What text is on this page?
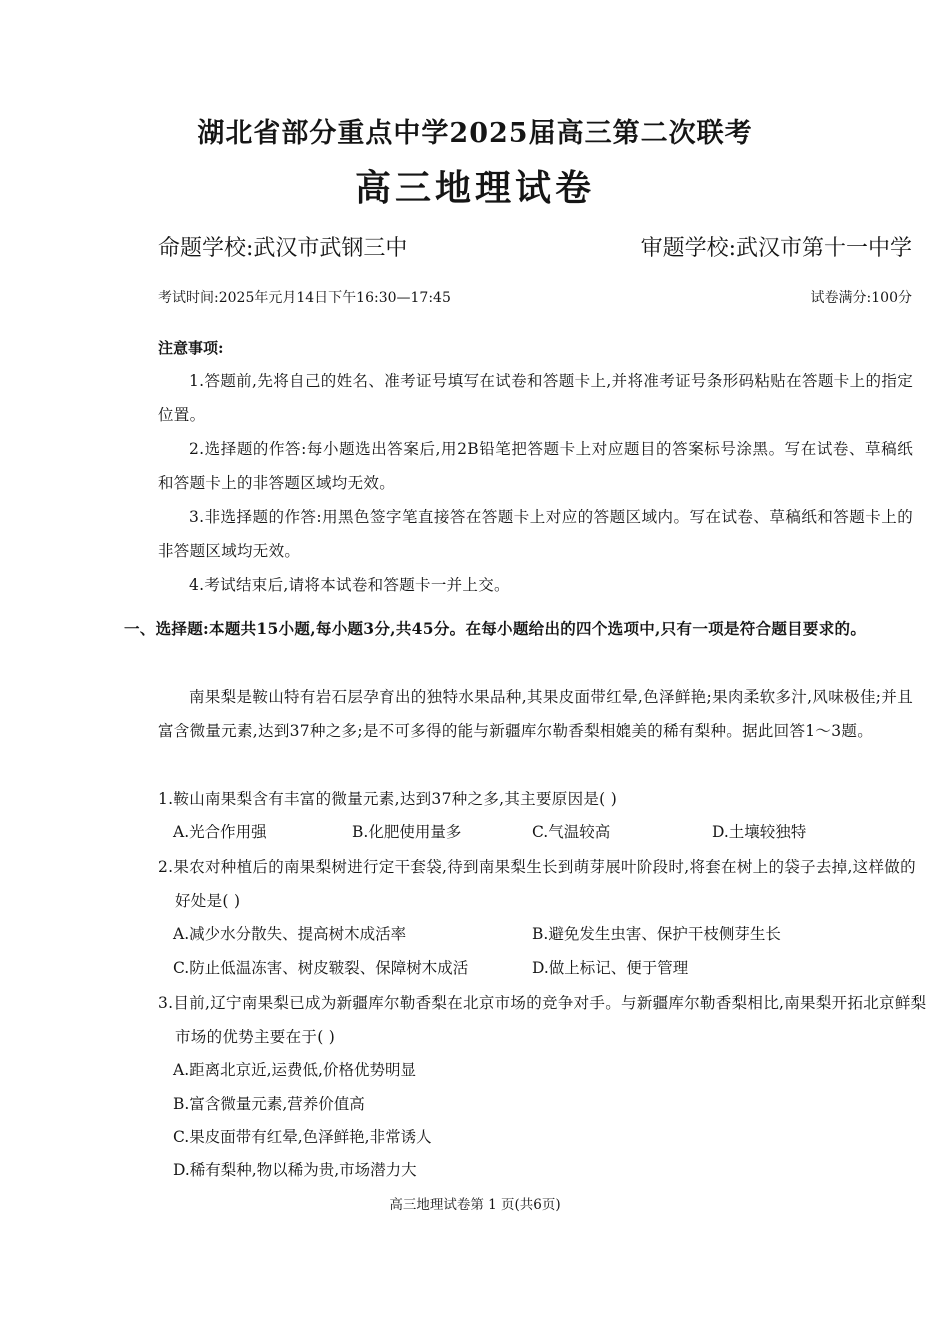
湖北省部分重点中学2025届高三第二次联考
高三地理试卷
命题学校:武汉市武钢三中	审题学校:武汉市第十一中学
考试时间:2025年元月14日下午16:30—17:45	试卷满分:100分
注意事项:
1.答题前,先将自己的姓名、准考证号填写在试卷和答题卡上,并将准考证号条形码粘贴在答题卡上的指定位置。
2.选择题的作答:每小题选出答案后,用2B铅笔把答题卡上对应题目的答案标号涂黑。写在试卷、草稿纸和答题卡上的非答题区域均无效。
3.非选择题的作答:用黑色签字笔直接答在答题卡上对应的答题区域内。写在试卷、草稿纸和答题卡上的非答题区域均无效。
4.考试结束后,请将本试卷和答题卡一并上交。
一、选择题:本题共15小题,每小题3分,共45分。在每小题给出的四个选项中,只有一项是符合题目要求的。
南果梨是鞍山特有岩石层孕育出的独特水果品种,其果皮面带红晕,色泽鲜艳;果肉柔软多汁,风味极佳;并且富含微量元素,达到37种之多;是不可多得的能与新疆库尔勒香梨相媲美的稀有梨种。据此回答1～3题。
1.鞍山南果梨含有丰富的微量元素,达到37种之多,其主要原因是( )
A.光合作用强	B.化肥使用量多	C.气温较高	D.土壤较独特
2.果农对种植后的南果梨树进行定干套袋,待到南果梨生长到萌芽展叶阶段时,将套在树上的袋子去掉,这样做的好处是( )
A.减少水分散失、提高树木成活率	B.避免发生虫害、保护干枝侧芽生长
C.防止低温冻害、树皮皲裂、保障树木成活	D.做上标记、便于管理
3.目前,辽宁南果梨已成为新疆库尔勒香梨在北京市场的竞争对手。与新疆库尔勒香梨相比,南果梨开拓北京鲜梨市场的优势主要在于( )
A.距离北京近,运费低,价格优势明显
B.富含微量元素,营养价值高
C.果皮面带有红晕,色泽鲜艳,非常诱人
D.稀有梨种,物以稀为贵,市场潜力大
高三地理试卷第 1 页(共6页)
